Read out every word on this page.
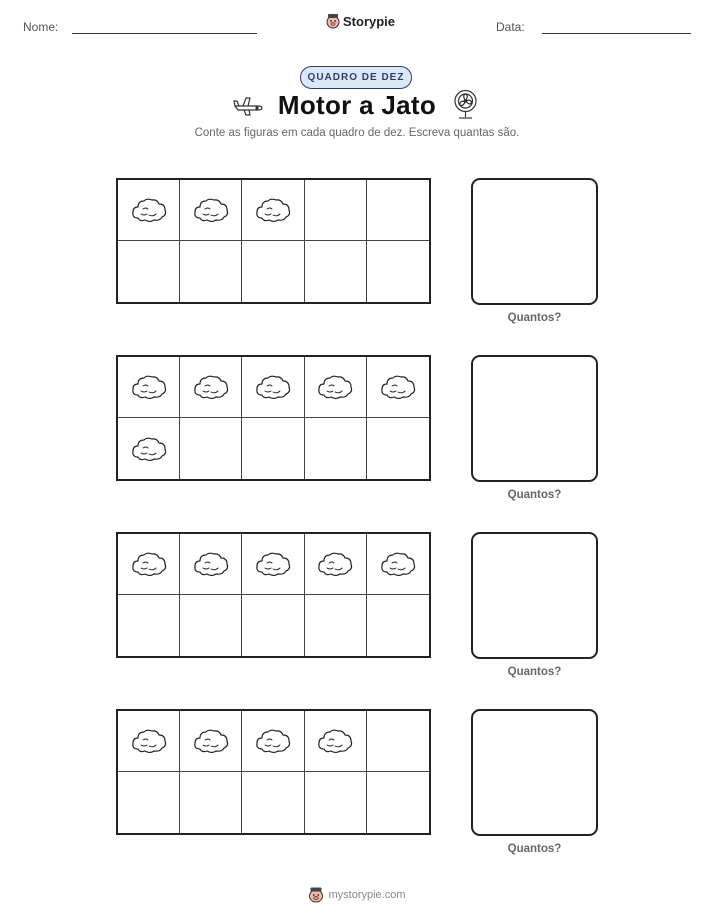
Nome:	Storypie	Data:
QUADRO DE DEZ
Motor a Jato
Conte as figuras em cada quadro de dez. Escreva quantas são.
Quantos?
Quantos?
Quantos?
Quantos?
mystorypie.com
